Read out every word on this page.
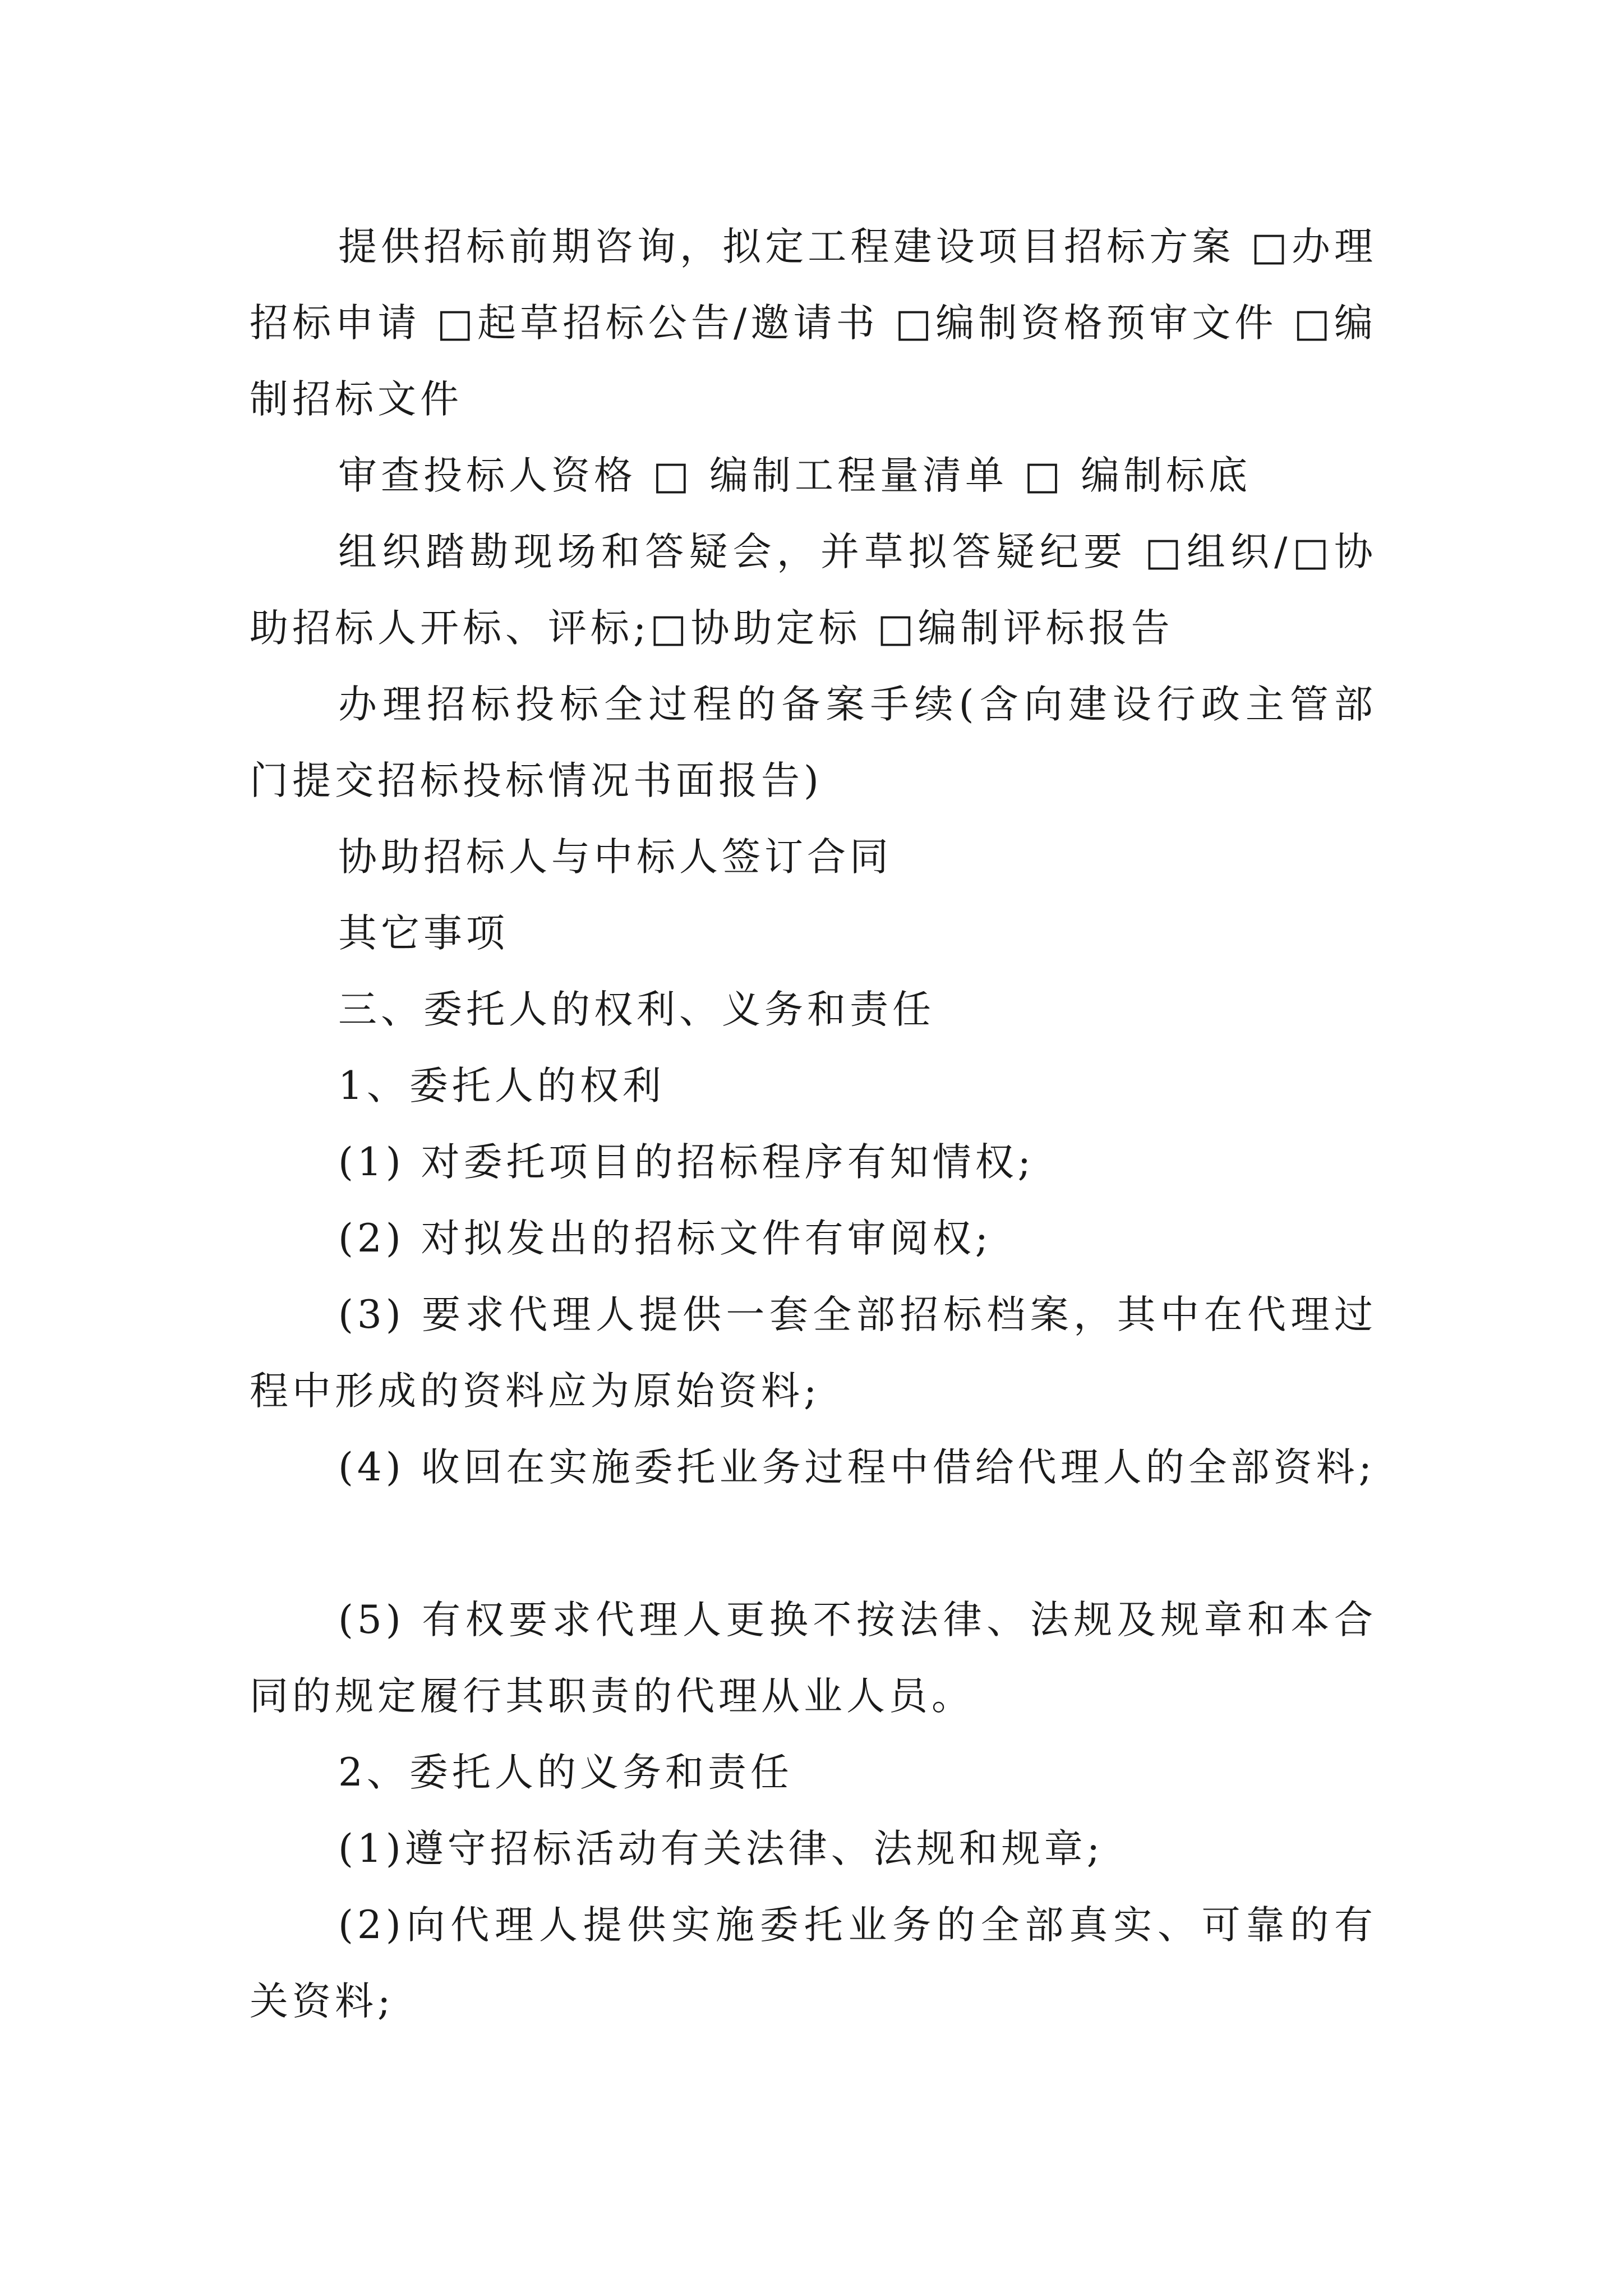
提供招标前期咨询，拟定工程建设项目招标方案 □办理招标申请 □起草招标公告/邀请书 □编制资格预审文件 □编制招标文件

审查投标人资格 □ 编制工程量清单 □ 编制标底

组织踏勘现场和答疑会，并草拟答疑纪要 □组织/□协助招标人开标、评标;□协助定标 □编制评标报告

办理招标投标全过程的备案手续(含向建设行政主管部门提交招标投标情况书面报告)

协助招标人与中标人签订合同

其它事项

三、委托人的权利、义务和责任

1、委托人的权利

(1) 对委托项目的招标程序有知情权;

(2) 对拟发出的招标文件有审阅权;

(3) 要求代理人提供一套全部招标档案，其中在代理过程中形成的资料应为原始资料;

(4) 收回在实施委托业务过程中借给代理人的全部资料;

(5) 有权要求代理人更换不按法律、法规及规章和本合同的规定履行其职责的代理从业人员。

2、委托人的义务和责任

(1)遵守招标活动有关法律、法规和规章;

(2)向代理人提供实施委托业务的全部真实、可靠的有关资料;
